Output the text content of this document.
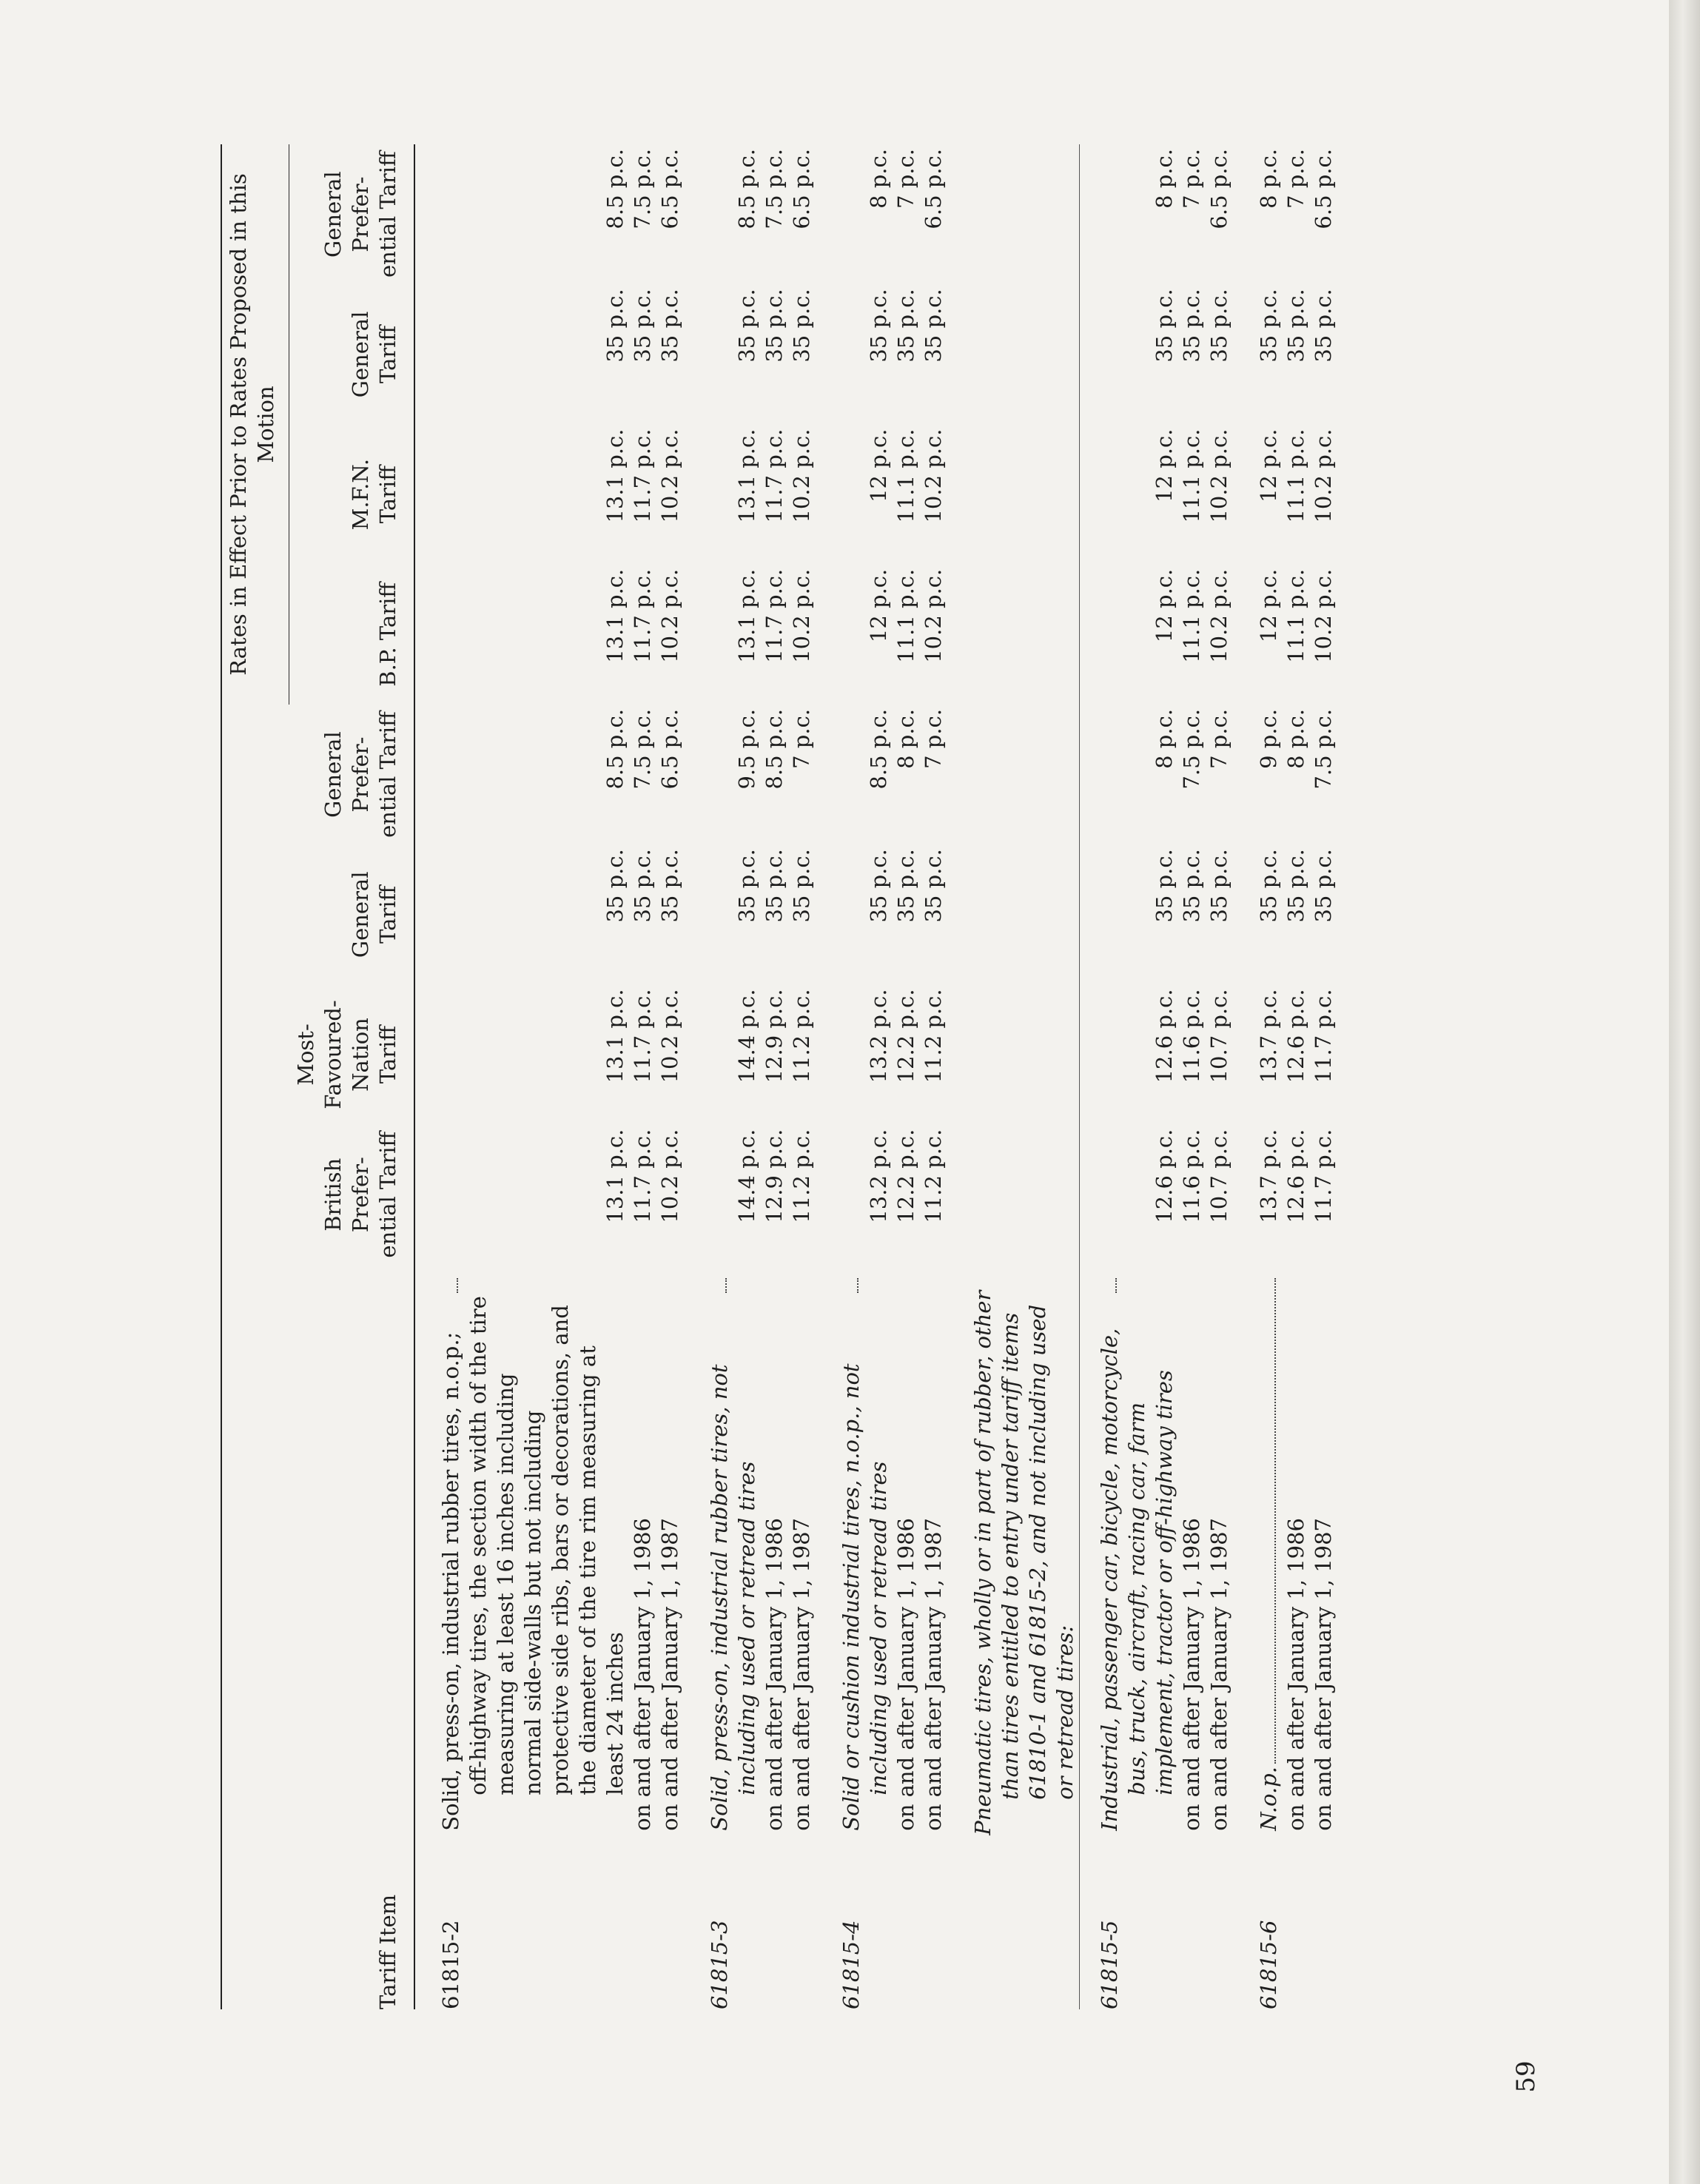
						Rates in Effect Prior to Rates Proposed in this Motion			
Tariff Item		British Prefer- ential Tariff	Most- Favoured- Nation Tariff	General Tariff	General Prefer- ential Tariff	B.P. Tariff	M.F.N. Tariff	General Tariff	General Prefer- ential Tariff

61815-2	Solid, press-on, industrial rubber tires, n.o.p.; off-highway tires, the section width of the tire measuring at least 16 inches including normal side-walls but not including protective side ribs, bars or decorations, and the diameter of the tire rim measuring at least 24 inches	13.1 p.c.	13.1 p.c.	35 p.c.	8.5 p.c.	13.1 p.c.	13.1 p.c.	35 p.c.	8.5 p.c.
	on and after January 1, 1986	11.7 p.c.	11.7 p.c.	35 p.c.	7.5 p.c.	11.7 p.c.	11.7 p.c.	35 p.c.	7.5 p.c.
	on and after January 1, 1987	10.2 p.c.	10.2 p.c.	35 p.c.	6.5 p.c.	10.2 p.c.	10.2 p.c.	35 p.c.	6.5 p.c.

61815-3	Solid, press-on, industrial rubber tires, not including used or retread tires	14.4 p.c.	14.4 p.c.	35 p.c.	9.5 p.c.	13.1 p.c.	13.1 p.c.	35 p.c.	8.5 p.c.
	on and after January 1, 1986	12.9 p.c.	12.9 p.c.	35 p.c.	8.5 p.c.	11.7 p.c.	11.7 p.c.	35 p.c.	7.5 p.c.
	on and after January 1, 1987	11.2 p.c.	11.2 p.c.	35 p.c.	7 p.c.	10.2 p.c.	10.2 p.c.	35 p.c.	6.5 p.c.

61815-4	Solid or cushion industrial tires, n.o.p., not including used or retread tires	13.2 p.c.	13.2 p.c.	35 p.c.	8.5 p.c.	12 p.c.	12 p.c.	35 p.c.	8 p.c.
	on and after January 1, 1986	12.2 p.c.	12.2 p.c.	35 p.c.	8 p.c.	11.1 p.c.	11.1 p.c.	35 p.c.	7 p.c.
	on and after January 1, 1987	11.2 p.c.	11.2 p.c.	35 p.c.	7 p.c.	10.2 p.c.	10.2 p.c.	35 p.c.	6.5 p.c.

	Pneumatic tires, wholly or in part of rubber, other than tires entitled to entry under tariff items 61810-1 and 61815-2, and not including used or retread tires:								

61815-5	Industrial, passenger car, bicycle, motorcycle, bus, truck, aircraft, racing car, farm implement, tractor or off-highway tires	12.6 p.c.	12.6 p.c.	35 p.c.	8 p.c.	12 p.c.	12 p.c.	35 p.c.	8 p.c.
	on and after January 1, 1986	11.6 p.c.	11.6 p.c.	35 p.c.	7.5 p.c.	11.1 p.c.	11.1 p.c.	35 p.c.	7 p.c.
	on and after January 1, 1987	10.7 p.c.	10.7 p.c.	35 p.c.	7 p.c.	10.2 p.c.	10.2 p.c.	35 p.c.	6.5 p.c.

61815-6	N.o.p.	13.7 p.c.	13.7 p.c.	35 p.c.	9 p.c.	12 p.c.	12 p.c.	35 p.c.	8 p.c.
	on and after January 1, 1986	12.6 p.c.	12.6 p.c.	35 p.c.	8 p.c.	11.1 p.c.	11.1 p.c.	35 p.c.	7 p.c.
	on and after January 1, 1987	11.7 p.c.	11.7 p.c.	35 p.c.	7.5 p.c.	10.2 p.c.	10.2 p.c.	35 p.c.	6.5 p.c.

59
